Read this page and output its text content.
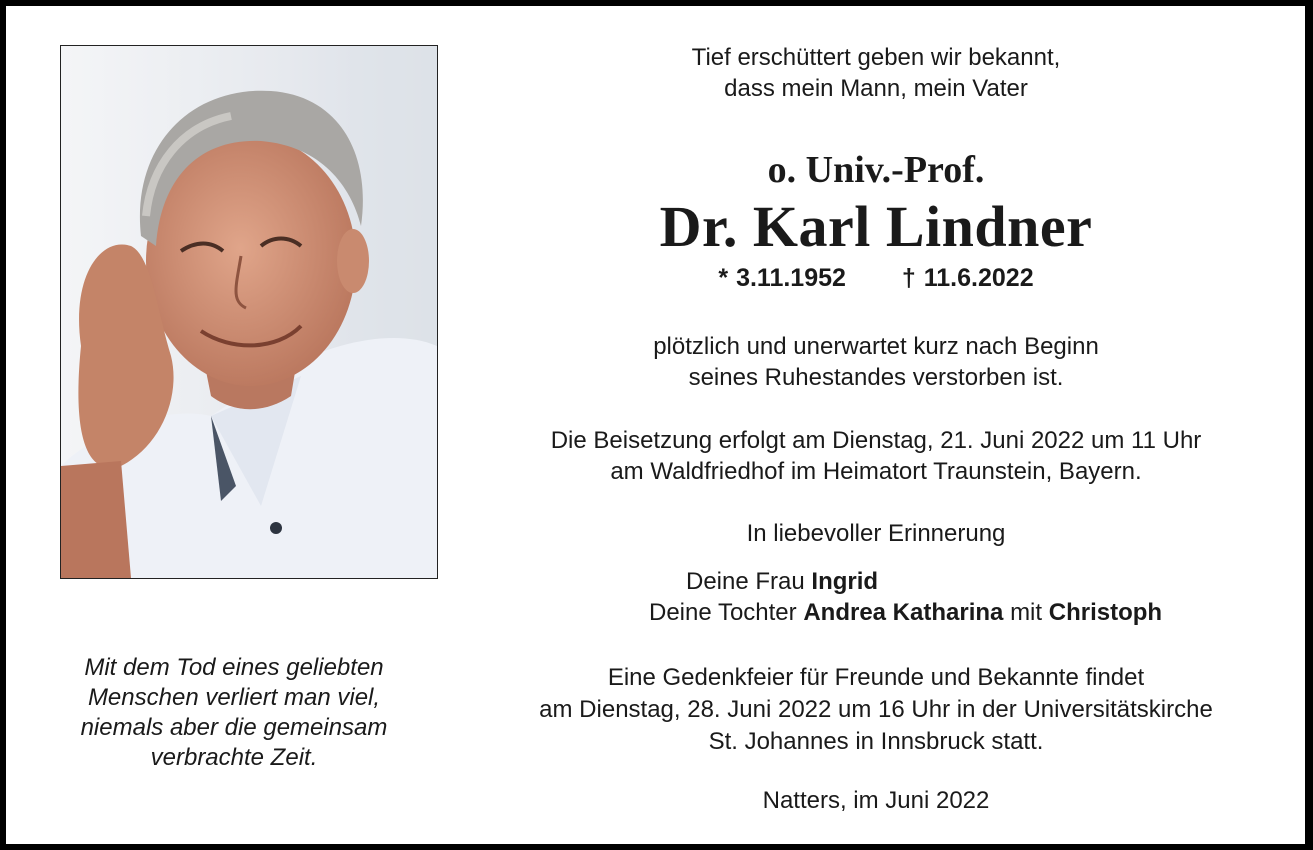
Mit dem Tod eines geliebten
Menschen verliert man viel,
niemals aber die gemeinsam
verbrachte Zeit.
Tief erschüttert geben wir bekannt,
dass mein Mann, mein Vater
o. Univ.-Prof.
Dr. Karl Lindner
* 3.11.1952 † 11.6.2022
plötzlich und unerwartet kurz nach Beginn
seines Ruhestandes verstorben ist.
Die Beisetzung erfolgt am Dienstag, 21. Juni 2022 um 11 Uhr
am Waldfriedhof im Heimatort Traunstein, Bayern.
In liebevoller Erinnerung
Deine Frau Ingrid
Deine Tochter Andrea Katharina mit Christoph
Eine Gedenkfeier für Freunde und Bekannte findet
am Dienstag, 28. Juni 2022 um 16 Uhr in der Universitätskirche
St. Johannes in Innsbruck statt.
Natters, im Juni 2022
